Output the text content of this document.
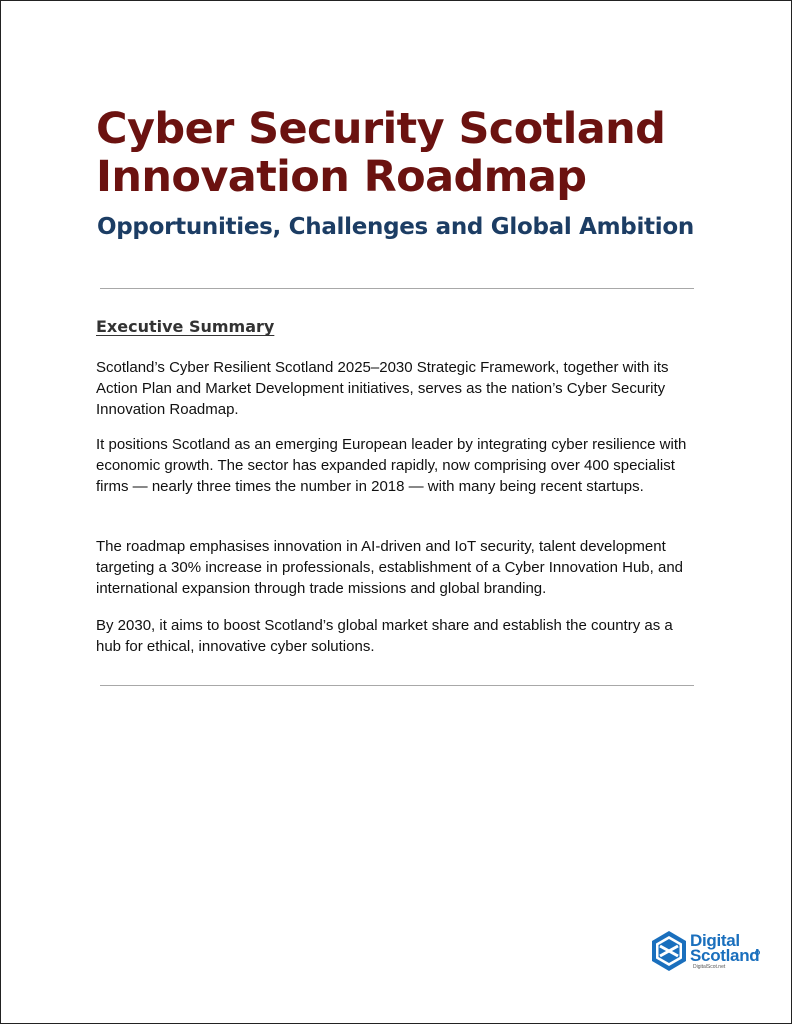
Cyber Security Scotland
Innovation Roadmap
Opportunities, Challenges and Global Ambition
Executive Summary

Scotland’s Cyber Resilient Scotland 2025–2030 Strategic Framework, together with its Action Plan and Market Development initiatives, serves as the nation’s Cyber Security Innovation Roadmap.

It positions Scotland as an emerging European leader by integrating cyber resilience with economic growth. The sector has expanded rapidly, now comprising over 400 specialist firms — nearly three times the number in 2018 — with many being recent startups.

The roadmap emphasises innovation in AI-driven and IoT security, talent development targeting a 30% increase in professionals, establishment of a Cyber Innovation Hub, and international expansion through trade missions and global branding.

By 2030, it aims to boost Scotland’s global market share and establish the country as a hub for ethical, innovative cyber solutions.

Digital
Scotland
DigitalScot.net
